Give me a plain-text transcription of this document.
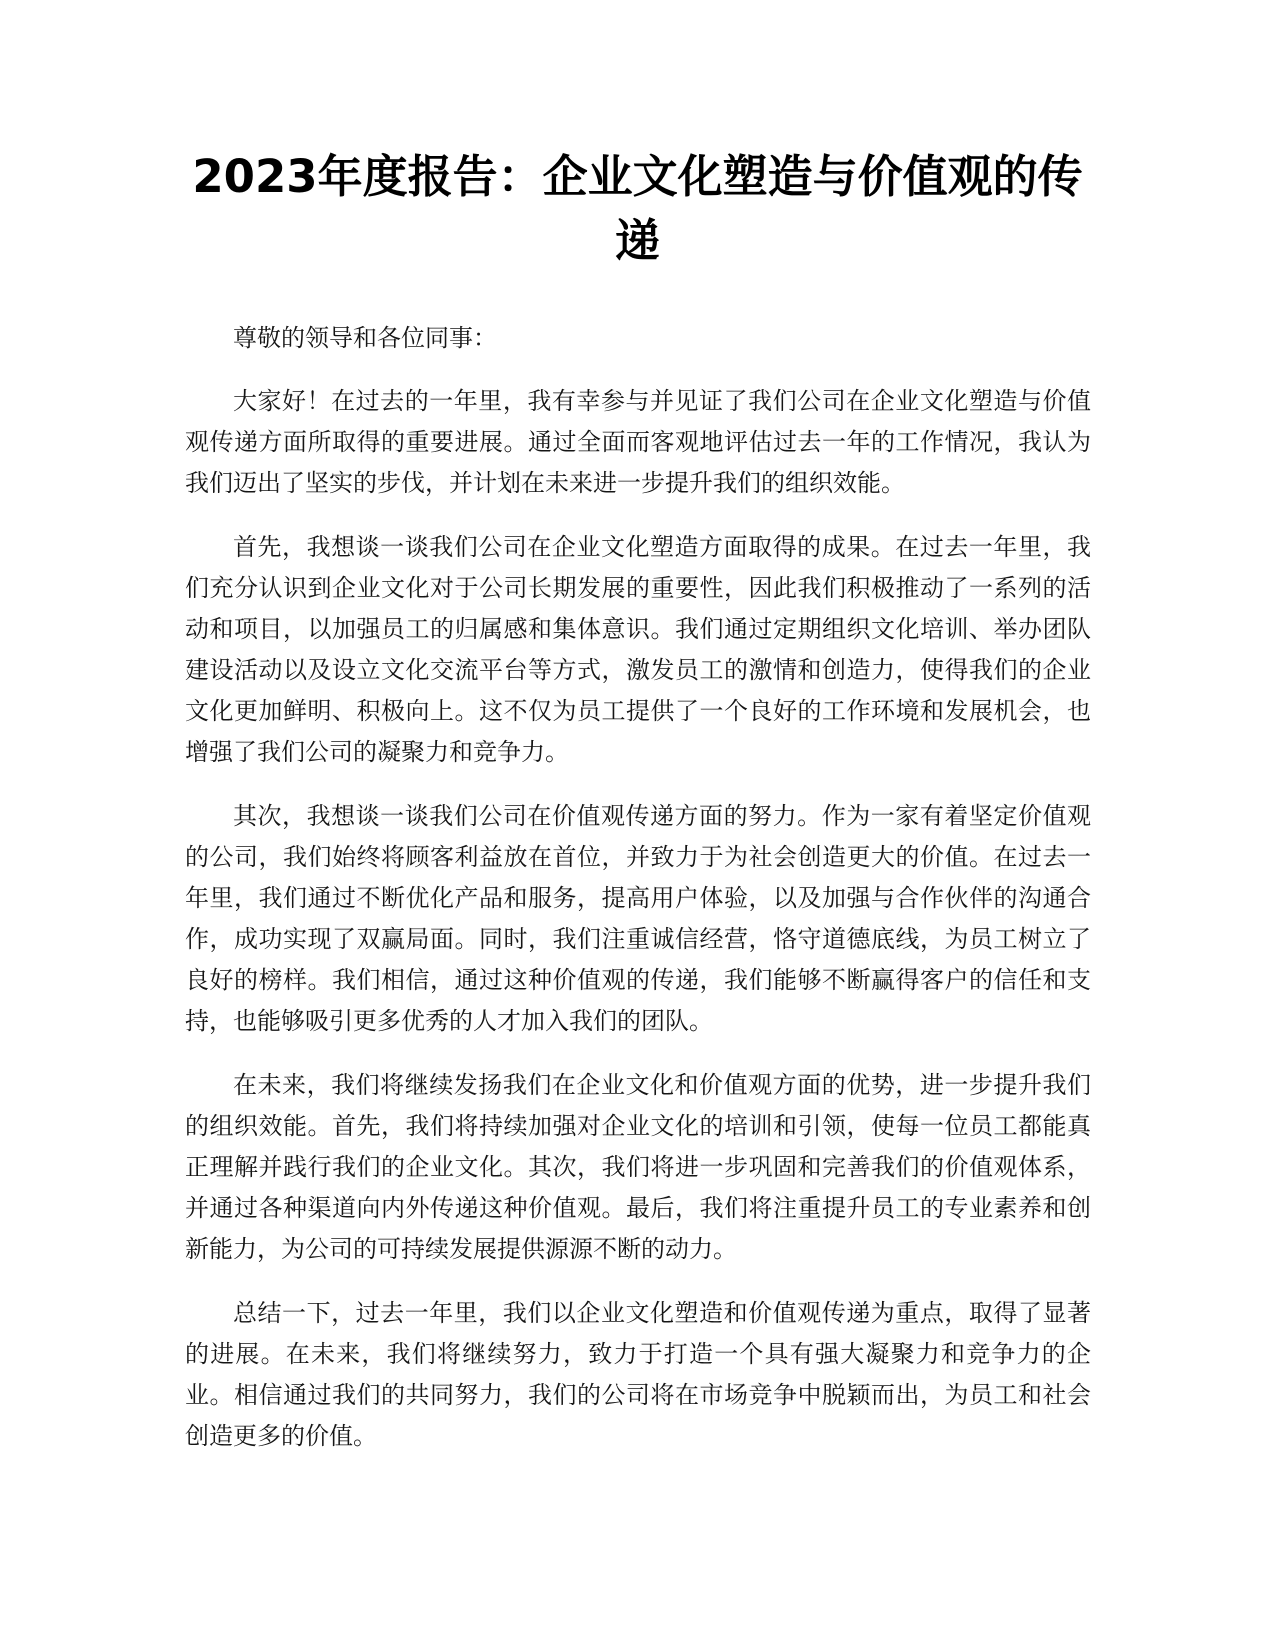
2023年度报告：企业文化塑造与价值观的传递

尊敬的领导和各位同事：

大家好！在过去的一年里，我有幸参与并见证了我们公司在企业文化塑造与价值观传递方面所取得的重要进展。通过全面而客观地评估过去一年的工作情况，我认为我们迈出了坚实的步伐，并计划在未来进一步提升我们的组织效能。

首先，我想谈一谈我们公司在企业文化塑造方面取得的成果。在过去一年里，我们充分认识到企业文化对于公司长期发展的重要性，因此我们积极推动了一系列的活动和项目，以加强员工的归属感和集体意识。我们通过定期组织文化培训、举办团队建设活动以及设立文化交流平台等方式，激发员工的激情和创造力，使得我们的企业文化更加鲜明、积极向上。这不仅为员工提供了一个良好的工作环境和发展机会，也增强了我们公司的凝聚力和竞争力。

其次，我想谈一谈我们公司在价值观传递方面的努力。作为一家有着坚定价值观的公司，我们始终将顾客利益放在首位，并致力于为社会创造更大的价值。在过去一年里，我们通过不断优化产品和服务，提高用户体验，以及加强与合作伙伴的沟通合作，成功实现了双赢局面。同时，我们注重诚信经营，恪守道德底线，为员工树立了良好的榜样。我们相信，通过这种价值观的传递，我们能够不断赢得客户的信任和支持，也能够吸引更多优秀的人才加入我们的团队。

在未来，我们将继续发扬我们在企业文化和价值观方面的优势，进一步提升我们的组织效能。首先，我们将持续加强对企业文化的培训和引领，使每一位员工都能真正理解并践行我们的企业文化。其次，我们将进一步巩固和完善我们的价值观体系，并通过各种渠道向内外传递这种价值观。最后，我们将注重提升员工的专业素养和创新能力，为公司的可持续发展提供源源不断的动力。

总结一下，过去一年里，我们以企业文化塑造和价值观传递为重点，取得了显著的进展。在未来，我们将继续努力，致力于打造一个具有强大凝聚力和竞争力的企业。相信通过我们的共同努力，我们的公司将在市场竞争中脱颖而出，为员工和社会创造更多的价值。
